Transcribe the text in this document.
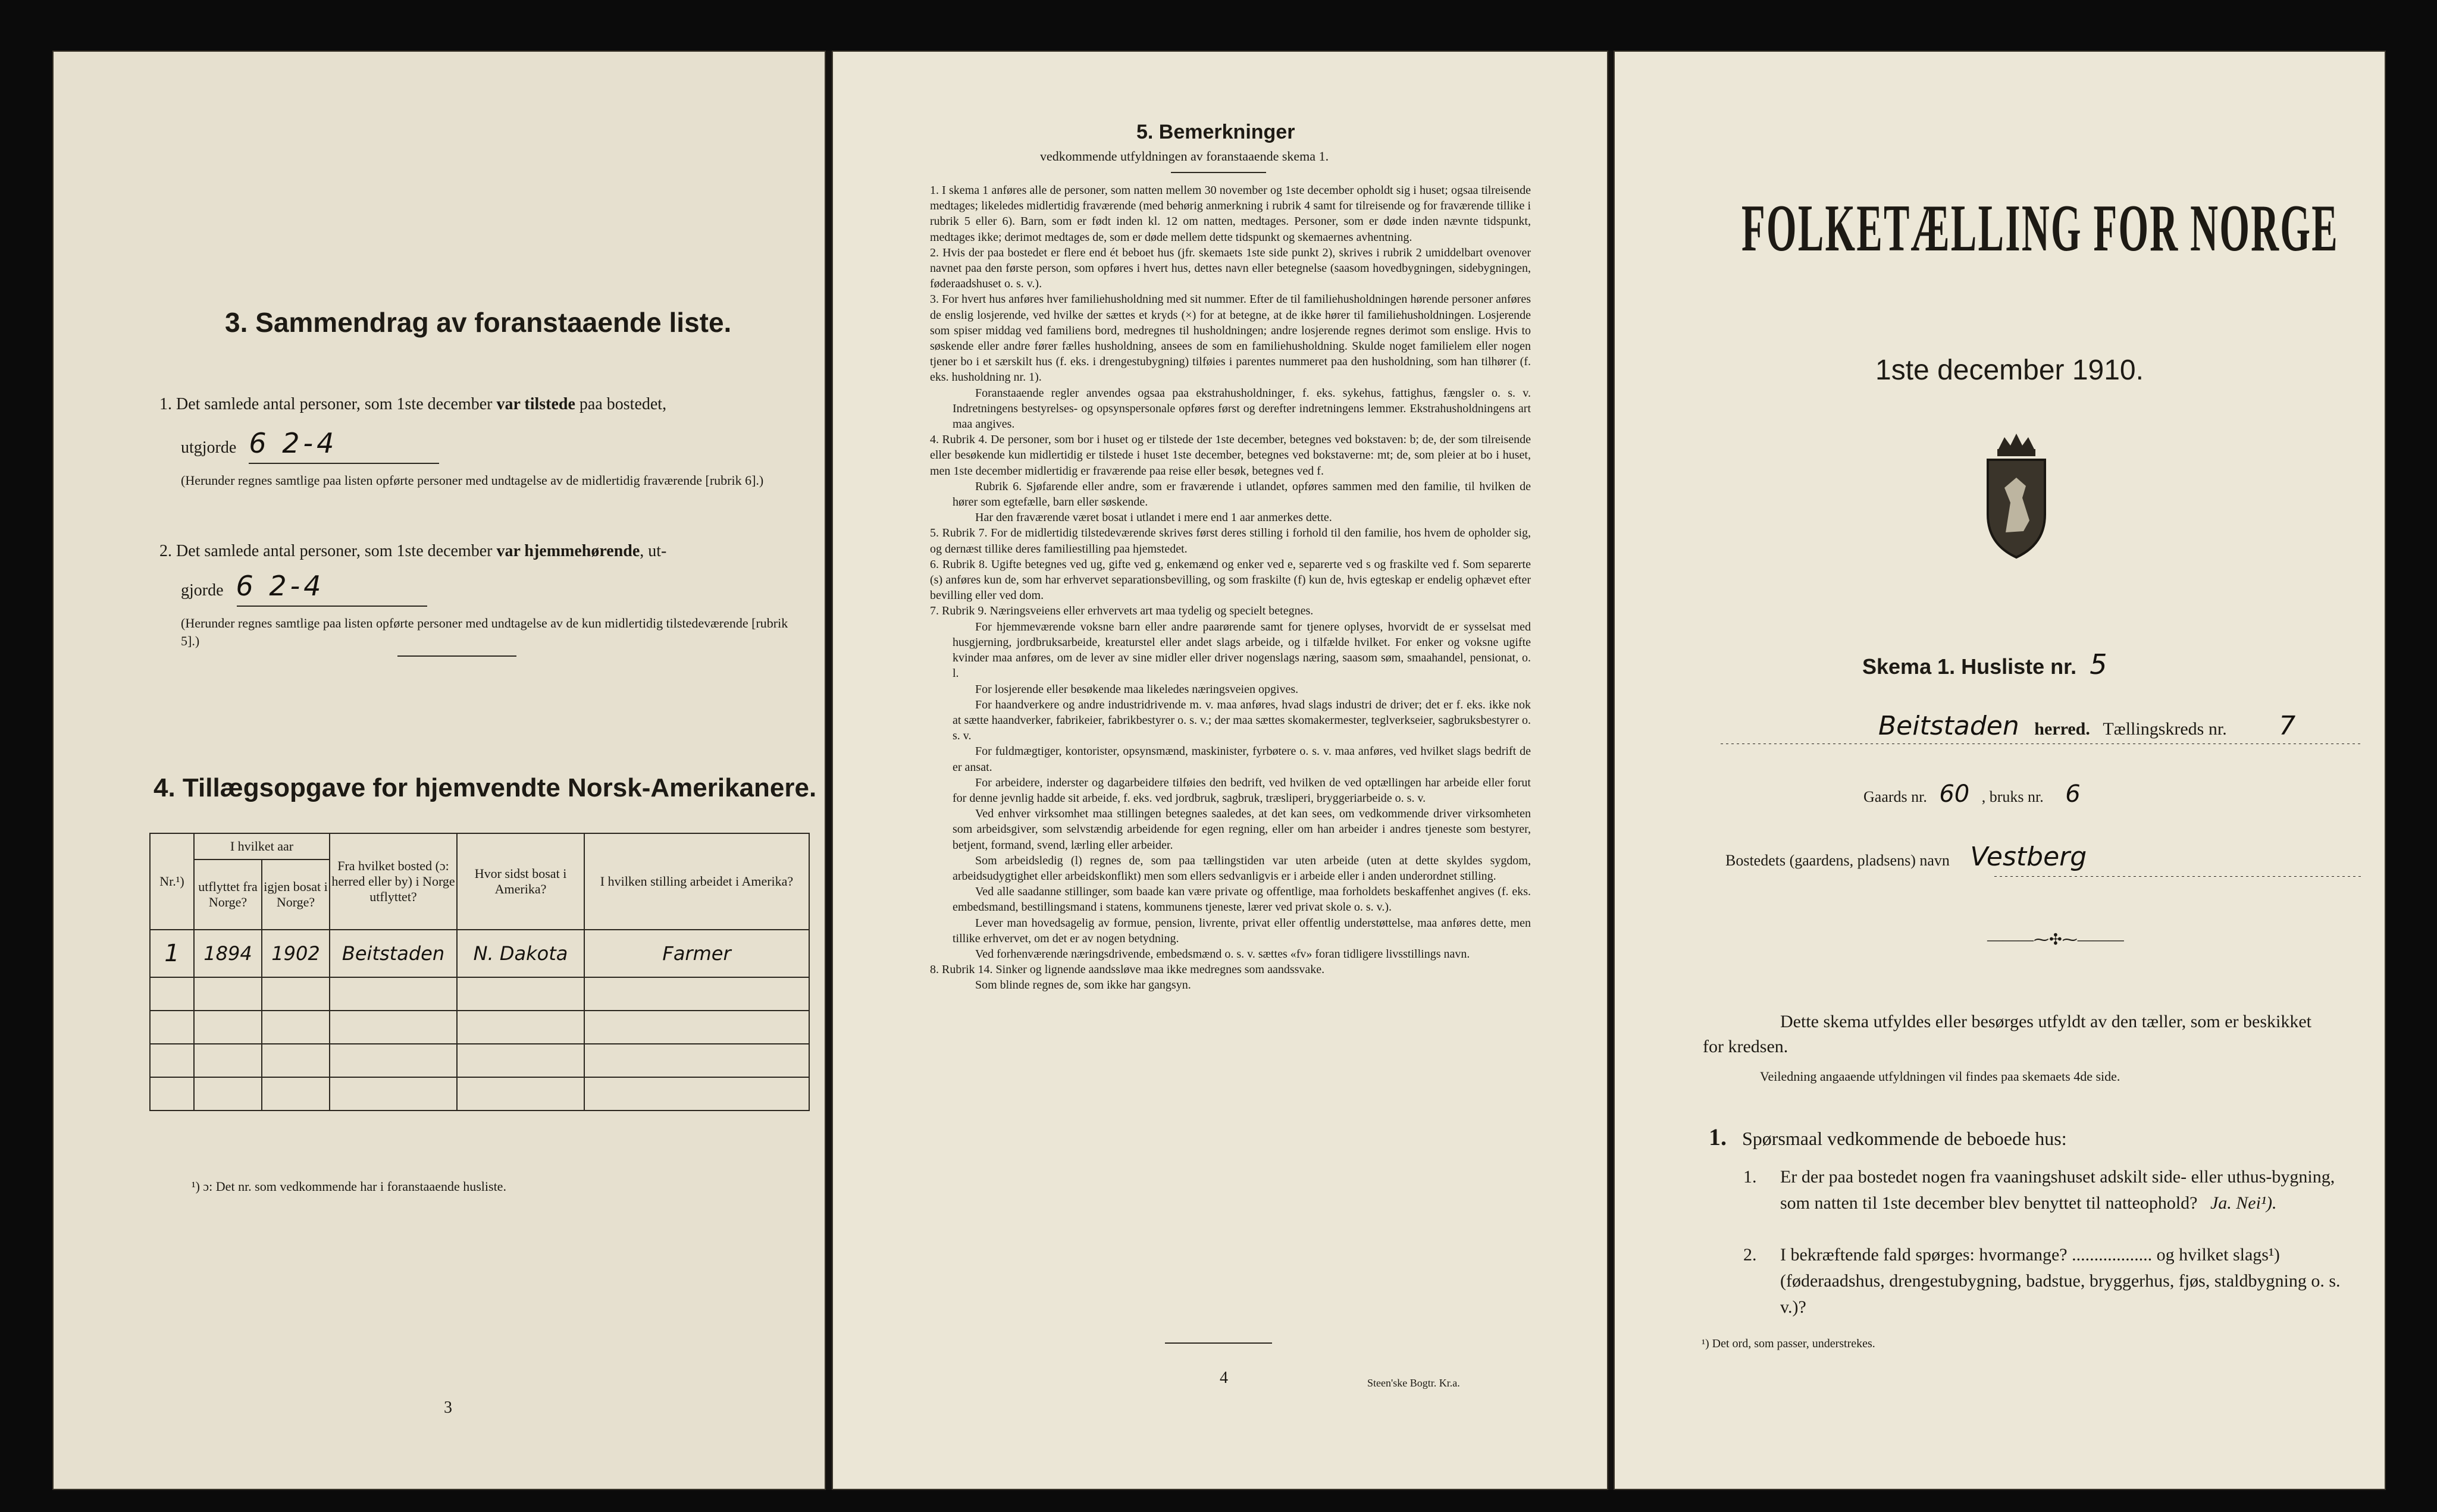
3. Sammendrag av foranstaaende liste.
1. Det samlede antal personer, som 1ste december var tilstede paa bostedet,
utgjorde 6 2-4
(Herunder regnes samtlige paa listen opførte personer med undtagelse av de midlertidig fraværende [rubrik 6].)
2. Det samlede antal personer, som 1ste december var hjemmehørende, ut-
gjorde 6 2-4
(Herunder regnes samtlige paa listen opførte personer med undtagelse av de kun midlertidig tilstedeværende [rubrik 5].)
4. Tillægsopgave for hjemvendte Norsk-Amerikanere.
Nr.¹)	I hvilket aar		Fra hvilket bosted (ɔ: herred eller by) i Norge utflyttet?	Hvor sidst bosat i Amerika?	I hvilken stilling arbeidet i Amerika?
	utflyttet fra Norge?	igjen bosat i Norge?			
1	1894	1902	Beitstaden	N. Dakota	Farmer

¹) ɔ: Det nr. som vedkommende har i foranstaaende husliste.
3
5. Bemerkninger
vedkommende utfyldningen av foranstaaende skema 1.
1. I skema 1 anføres alle de personer, som natten mellem 30 november og 1ste december opholdt sig i huset; ogsaa tilreisende medtages; likeledes midlertidig fraværende (med behørig anmerkning i rubrik 4 samt for tilreisende og for fraværende tillike i rubrik 5 eller 6). Barn, som er født inden kl. 12 om natten, medtages. Personer, som er døde inden nævnte tidspunkt, medtages ikke; derimot medtages de, som er døde mellem dette tidspunkt og skemaernes avhentning.
2. Hvis der paa bostedet er flere end ét beboet hus (jfr. skemaets 1ste side punkt 2), skrives i rubrik 2 umiddelbart ovenover navnet paa den første person, som opføres i hvert hus, dettes navn eller betegnelse (saasom hovedbygningen, sidebygningen, føderaadshuset o. s. v.).
3. For hvert hus anføres hver familiehusholdning med sit nummer. Efter de til familiehusholdningen hørende personer anføres de enslig losjerende, ved hvilke der sættes et kryds (×) for at betegne, at de ikke hører til familiehusholdningen. Losjerende som spiser middag ved familiens bord, medregnes til husholdningen; andre losjerende regnes derimot som enslige. Hvis to søskende eller andre fører fælles husholdning, ansees de som en familiehusholdning. Skulde noget familielem eller nogen tjener bo i et særskilt hus (f. eks. i drengestubygning) tilføies i parentes nummeret paa den husholdning, som han tilhører (f. eks. husholdning nr. 1).
Foranstaaende regler anvendes ogsaa paa ekstrahusholdninger, f. eks. sykehus, fattighus, fængsler o. s. v. Indretningens bestyrelses- og opsynspersonale opføres først og derefter indretningens lemmer. Ekstrahusholdningens art maa angives.
4. Rubrik 4. De personer, som bor i huset og er tilstede der 1ste december, betegnes ved bokstaven: b; de, der som tilreisende eller besøkende kun midlertidig er tilstede i huset 1ste december, betegnes ved bokstaverne: mt; de, som pleier at bo i huset, men 1ste december midlertidig er fraværende paa reise eller besøk, betegnes ved f.
Rubrik 6. Sjøfarende eller andre, som er fraværende i utlandet, opføres sammen med den familie, til hvilken de hører som egtefælle, barn eller søskende.
Har den fraværende været bosat i utlandet i mere end 1 aar anmerkes dette.
5. Rubrik 7. For de midlertidig tilstedeværende skrives først deres stilling i forhold til den familie, hos hvem de opholder sig, og dernæst tillike deres familiestilling paa hjemstedet.
6. Rubrik 8. Ugifte betegnes ved ug, gifte ved g, enkemænd og enker ved e, separerte ved s og fraskilte ved f. Som separerte (s) anføres kun de, som har erhvervet separationsbevilling, og som fraskilte (f) kun de, hvis egteskap er endelig ophævet efter bevilling eller ved dom.
7. Rubrik 9. Næringsveiens eller erhvervets art maa tydelig og specielt betegnes.
For hjemmeværende voksne barn eller andre paarørende samt for tjenere oplyses, hvorvidt de er sysselsat med husgjerning, jordbruksarbeide, kreaturstel eller andet slags arbeide, og i tilfælde hvilket. For enker og voksne ugifte kvinder maa anføres, om de lever av sine midler eller driver nogenslags næring, saasom søm, smaahandel, pensionat, o. l.
For losjerende eller besøkende maa likeledes næringsveien opgives.
For haandverkere og andre industridrivende m. v. maa anføres, hvad slags industri de driver; det er f. eks. ikke nok at sætte haandverker, fabrikeier, fabrikbestyrer o. s. v.; der maa sættes skomakermester, teglverkseier, sagbruksbestyrer o. s. v.
For fuldmægtiger, kontorister, opsynsmænd, maskinister, fyrbøtere o. s. v. maa anføres, ved hvilket slags bedrift de er ansat.
For arbeidere, inderster og dagarbeidere tilføies den bedrift, ved hvilken de ved optællingen har arbeide eller forut for denne jevnlig hadde sit arbeide, f. eks. ved jordbruk, sagbruk, træsliperi, bryggeriarbeide o. s. v.
Ved enhver virksomhet maa stillingen betegnes saaledes, at det kan sees, om vedkommende driver virksomheten som arbeidsgiver, som selvstændig arbeidende for egen regning, eller om han arbeider i andres tjeneste som bestyrer, betjent, formand, svend, lærling eller arbeider.
Som arbeidsledig (l) regnes de, som paa tællingstiden var uten arbeide (uten at dette skyldes sygdom, arbeidsudygtighet eller arbeidskonflikt) men som ellers sedvanligvis er i arbeide eller i anden underordnet stilling.
Ved alle saadanne stillinger, som baade kan være private og offentlige, maa forholdets beskaffenhet angives (f. eks. embedsmand, bestillingsmand i statens, kommunens tjeneste, lærer ved privat skole o. s. v.).
Lever man hovedsagelig av formue, pension, livrente, privat eller offentlig understøttelse, maa anføres dette, men tillike erhvervet, om det er av nogen betydning.
Ved forhenværende næringsdrivende, embedsmænd o. s. v. sættes «fv» foran tidligere livsstillings navn.
8. Rubrik 14. Sinker og lignende aandssløve maa ikke medregnes som aandssvake.
Som blinde regnes de, som ikke har gangsyn.
4	Steen'ske Bogtr. Kr.a.
FOLKETÆLLING FOR NORGE
1ste december 1910.
Skema 1. Husliste nr. 5
Beitstaden herred. Tællingskreds nr. 7
Gaards nr. 60 , bruks nr. 6
Bostedets (gaardens, pladsens) navn Vestberg
———⁓✣⁓———
Dette skema utfyldes eller besørges utfyldt av den tæller, som er beskikket for kredsen.
Veiledning angaaende utfyldningen vil findes paa skemaets 4de side.
1. Spørsmaal vedkommende de beboede hus:
1. Er der paa bostedet nogen fra vaaningshuset adskilt side- eller uthus-bygning, som natten til 1ste december blev benyttet til natteophold? Ja. Nei¹).
2. I bekræftende fald spørges: hvormange? .................. og hvilket slags¹) (føderaadshus, drengestubygning, badstue, bryggerhus, fjøs, staldbygning o. s. v.)?
¹) Det ord, som passer, understrekes.
